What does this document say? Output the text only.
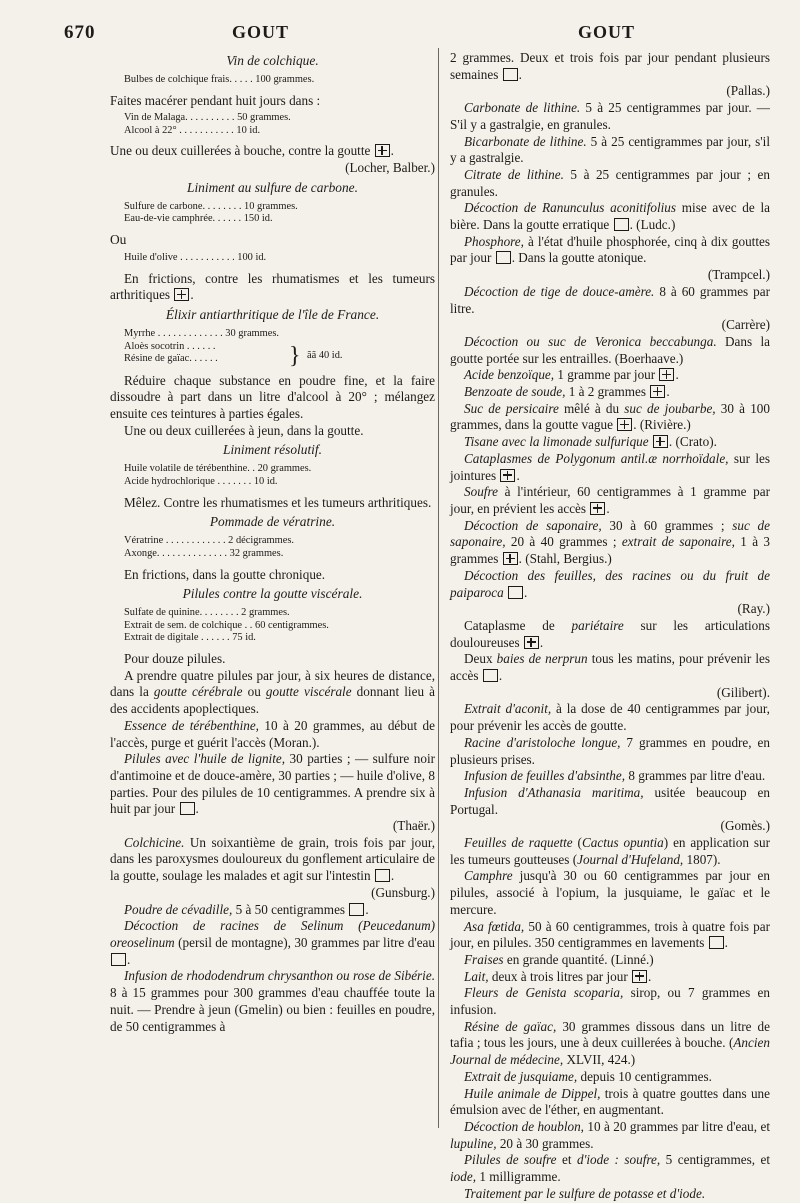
670	GOUT	GOUT
Vin de colchique.
Bulbes de colchique frais. . . . . 100 grammes.

Faites macérer pendant huit jours dans :

Vin de Malaga. . . . . . . . . . 50 grammes.
Alcool à 22° . . . . . . . . . . . 10 id.

Une ou deux cuillerées à bouche, contre la goutte ☒.

(Locher, Balber.)
Liniment au sulfure de carbone.
Sulfure de carbone. . . . . . . . 10 grammes.
Eau-de-vie camphrée. . . . . . 150 id.
Ou
Huile d'olive . . . . . . . . . . . 100 id.

En frictions, contre les rhumatismes et les tumeurs arthritiques ☒.

Élixir antiarthritique de l'île de France.
Myrrhe . . . . . . . . . . . . . 30 grammes.
Aloès socotrin . . . . . .
Résine de gaïac. . . . . .	} ãã 40 id.

Réduire chaque substance en poudre fine, et la faire dissoudre à part dans un litre d'alcool à 20° ; mélangez ensuite ces teintures à parties égales.

Une ou deux cuillerées à jeun, dans la goutte.

Liniment résolutif.
Huile volatile de térébenthine. . 20 grammes.
Acide hydrochlorique . . . . . . . 10 id.

Mêlez. Contre les rhumatismes et les tumeurs arthritiques.

Pommade de vératrine.
Vératrine . . . . . . . . . . . . 2 décigrammes.
Axonge. . . . . . . . . . . . . . 32 grammes.

En frictions, dans la goutte chronique.

Pilules contre la goutte viscérale.
Sulfate de quinine. . . . . . . . 2 grammes.
Extrait de sem. de colchique . . 60 centigrammes.
Extrait de digitale . . . . . . 75 id.

Pour douze pilules.

A prendre quatre pilules par jour, à six heures de distance, dans la goutte cérébrale ou goutte viscérale donnant lieu à des accidents apoplectiques.

Essence de térébenthine, 10 à 20 grammes, au début de l'accès, purge et guérit l'accès (Moran.).

Pilules avec l'huile de lignite, 30 parties ; — sulfure noir d'antimoine et de douce-amère, 30 parties ; — huile d'olive, 8 parties. Pour des pilules de 10 centigrammes. A prendre six à huit par jour .

(Thaër.)

Colchicine. Un soixantième de grain, trois fois par jour, dans les paroxysmes douloureux du gonflement articulaire de la goutte, soulage les malades et agit sur l'intestin .

(Gunsburg.)

Poudre de cévadille, 5 à 50 centigrammes .

Décoction de racines de Selinum (Peucedanum) oreoselinum (persil de montagne), 30 grammes par litre d'eau .

Infusion de rhododendrum chrysanthon ou rose de Sibérie. 8 à 15 grammes pour 300 grammes d'eau chauffée toute la nuit. — Prendre à jeun (Gmelin) ou bien : feuilles en poudre, de 50 centigrammes à

2 grammes. Deux et trois fois par jour pendant plusieurs semaines .

(Pallas.)

Carbonate de lithine. 5 à 25 centigrammes par jour. — S'il y a gastralgie, en granules.

Bicarbonate de lithine. 5 à 25 centigrammes par jour, s'il y a gastralgie.

Citrate de lithine. 5 à 25 centigrammes par jour ; en granules.

Décoction de Ranunculus aconitifolius mise avec de la bière. Dans la goutte erratique . (Ludc.)

Phosphore, à l'état d'huile phosphorée, cinq à dix gouttes par jour . Dans la goutte atonique.

(Trampcel.)

Décoction de tige de douce-amère. 8 à 60 grammes par litre.

(Carrère)

Décoction ou suc de Veronica beccabunga. Dans la goutte portée sur les entrailles. (Boerhaave.)

Acide benzoïque, 1 gramme par jour ☒.

Benzoate de soude, 1 à 2 grammes ☒.

Suc de persicaire mêlé à du suc de joubarbe, 30 à 100 grammes, dans la goutte vague ☒. (Rivière.)

Tisane avec la limonade sulfurique ☒. (Crato).

Cataplasmes de Polygonum antil.æ norrhoïdale, sur les jointures ☒.

Soufre à l'intérieur, 60 centigrammes à 1 gramme par jour, en prévient les accès ☒.

Décoction de saponaire, 30 à 60 grammes ; suc de saponaire, 20 à 40 grammes ; extrait de saponaire, 1 à 3 grammes ☒. (Stahl, Bergius.)

Décoction des feuilles, des racines ou du fruit de paiparoca .

(Ray.)

Cataplasme de pariétaire sur les articulations douloureuses ☒.

Deux baies de nerprun tous les matins, pour prévenir les accès .

(Gilibert).

Extrait d'aconit, à la dose de 40 centigrammes par jour, pour prévenir les accès de goutte.

Racine d'aristoloche longue, 7 grammes en poudre, en plusieurs prises.

Infusion de feuilles d'absinthe, 8 grammes par litre d'eau.

Infusion d'Athanasia maritima, usitée beaucoup en Portugal.

(Gomès.)

Feuilles de raquette (Cactus opuntia) en application sur les tumeurs goutteuses (Journal d'Hufeland, 1807).

Camphre jusqu'à 30 ou 60 centigrammes par jour en pilules, associé à l'opium, la jusquiame, le gaïac et le mercure.

Asa fœtida, 50 à 60 centigrammes, trois à quatre fois par jour, en pilules. 350 centigrammes en lavements .

Fraises en grande quantité. (Linné.)

Lait, deux à trois litres par jour ☒.

Fleurs de Genista scoparia, sirop, ou 7 grammes en infusion.

Résine de gaïac, 30 grammes dissous dans un litre de tafia ; tous les jours, une à deux cuillerées à bouche. (Ancien Journal de médecine, XLVII, 424.)

Extrait de jusquiame, depuis 10 centigrammes.

Huile animale de Dippel, trois à quatre gouttes dans une émulsion avec de l'éther, en augmentant.

Décoction de houblon, 10 à 20 grammes par litre d'eau, et lupuline, 20 à 30 grammes.

Pilules de soufre et d'iode : soufre, 5 centigrammes, et iode, 1 milligramme.

Traitement par le sulfure de potasse et d'iode.
